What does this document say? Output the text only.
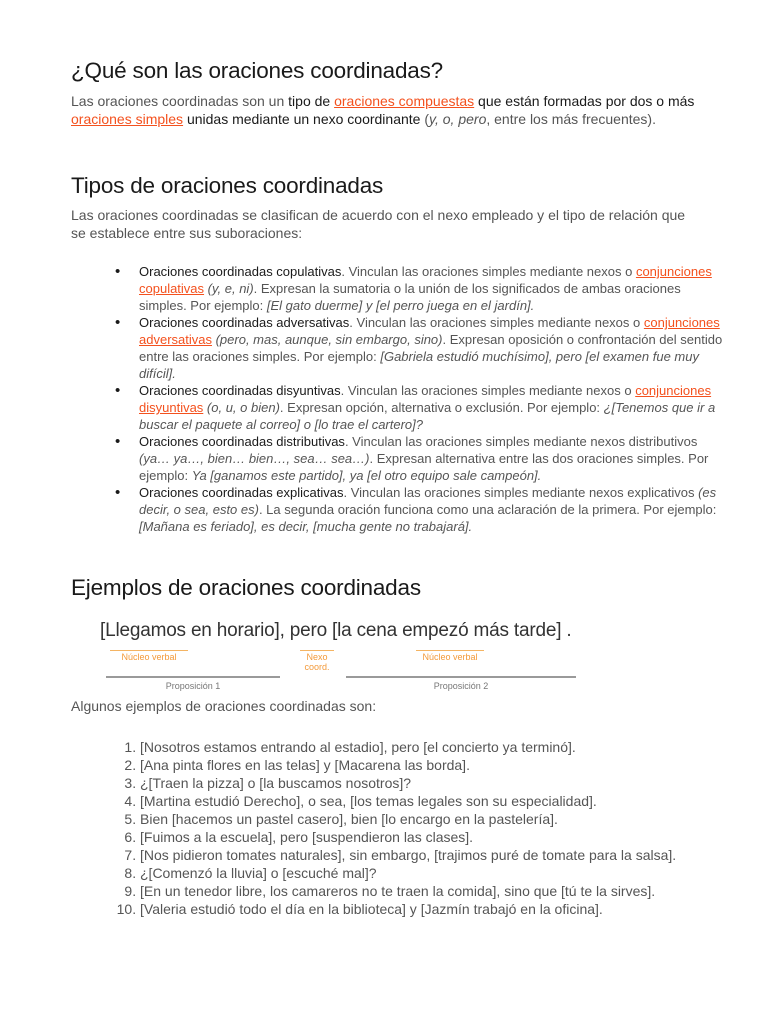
¿Qué son las oraciones coordinadas?

Las oraciones coordinadas son un tipo de oraciones compuestas que están formadas por dos o más oraciones simples unidas mediante un nexo coordinante (y, o, pero, entre los más frecuentes).

Tipos de oraciones coordinadas

Las oraciones coordinadas se clasifican de acuerdo con el nexo empleado y el tipo de relación que se establece entre sus suboraciones:

• Oraciones coordinadas copulativas. Vinculan las oraciones simples mediante nexos o conjunciones copulativas (y, e, ni). Expresan la sumatoria o la unión de los significados de ambas oraciones simples. Por ejemplo: [El gato duerme] y [el perro juega en el jardín].
• Oraciones coordinadas adversativas. Vinculan las oraciones simples mediante nexos o conjunciones adversativas (pero, mas, aunque, sin embargo, sino). Expresan oposición o confrontación del sentido entre las oraciones simples. Por ejemplo: [Gabriela estudió muchísimo], pero [el examen fue muy difícil].
• Oraciones coordinadas disyuntivas. Vinculan las oraciones simples mediante nexos o conjunciones disyuntivas (o, u, o bien). Expresan opción, alternativa o exclusión. Por ejemplo: ¿[Tenemos que ir a buscar el paquete al correo] o [lo trae el cartero]?
• Oraciones coordinadas distributivas. Vinculan las oraciones simples mediante nexos distributivos (ya… ya…, bien… bien…, sea… sea…). Expresan alternativa entre las dos oraciones simples. Por ejemplo: Ya [ganamos este partido], ya [el otro equipo sale campeón].
• Oraciones coordinadas explicativas. Vinculan las oraciones simples mediante nexos explicativos (es decir, o sea, esto es). La segunda oración funciona como una aclaración de la primera. Por ejemplo: [Mañana es feriado], es decir, [mucha gente no trabajará].
Ejemplos de oraciones coordinadas
[Llegamos en horario], pero [la cena empezó más tarde] .
Núcleo verbal	Nexo coord.
Núcleo verbal
Proposición 1	Proposición 2

Algunos ejemplos de oraciones coordinadas son:

1. [Nosotros estamos entrando al estadio], pero [el concierto ya terminó].
2. [Ana pinta flores en las telas] y [Macarena las borda].
3. ¿[Traen la pizza] o [la buscamos nosotros]?
4. [Martina estudió Derecho], o sea, [los temas legales son su especialidad].
5. Bien [hacemos un pastel casero], bien [lo encargo en la pastelería].
6. [Fuimos a la escuela], pero [suspendieron las clases].
7. [Nos pidieron tomates naturales], sin embargo, [trajimos puré de tomate para la salsa].
8. ¿[Comenzó la lluvia] o [escuché mal]?
9. [En un tenedor libre, los camareros no te traen la comida], sino que [tú te la sirves].
10. [Valeria estudió todo el día en la biblioteca] y [Jazmín trabajó en la oficina].
